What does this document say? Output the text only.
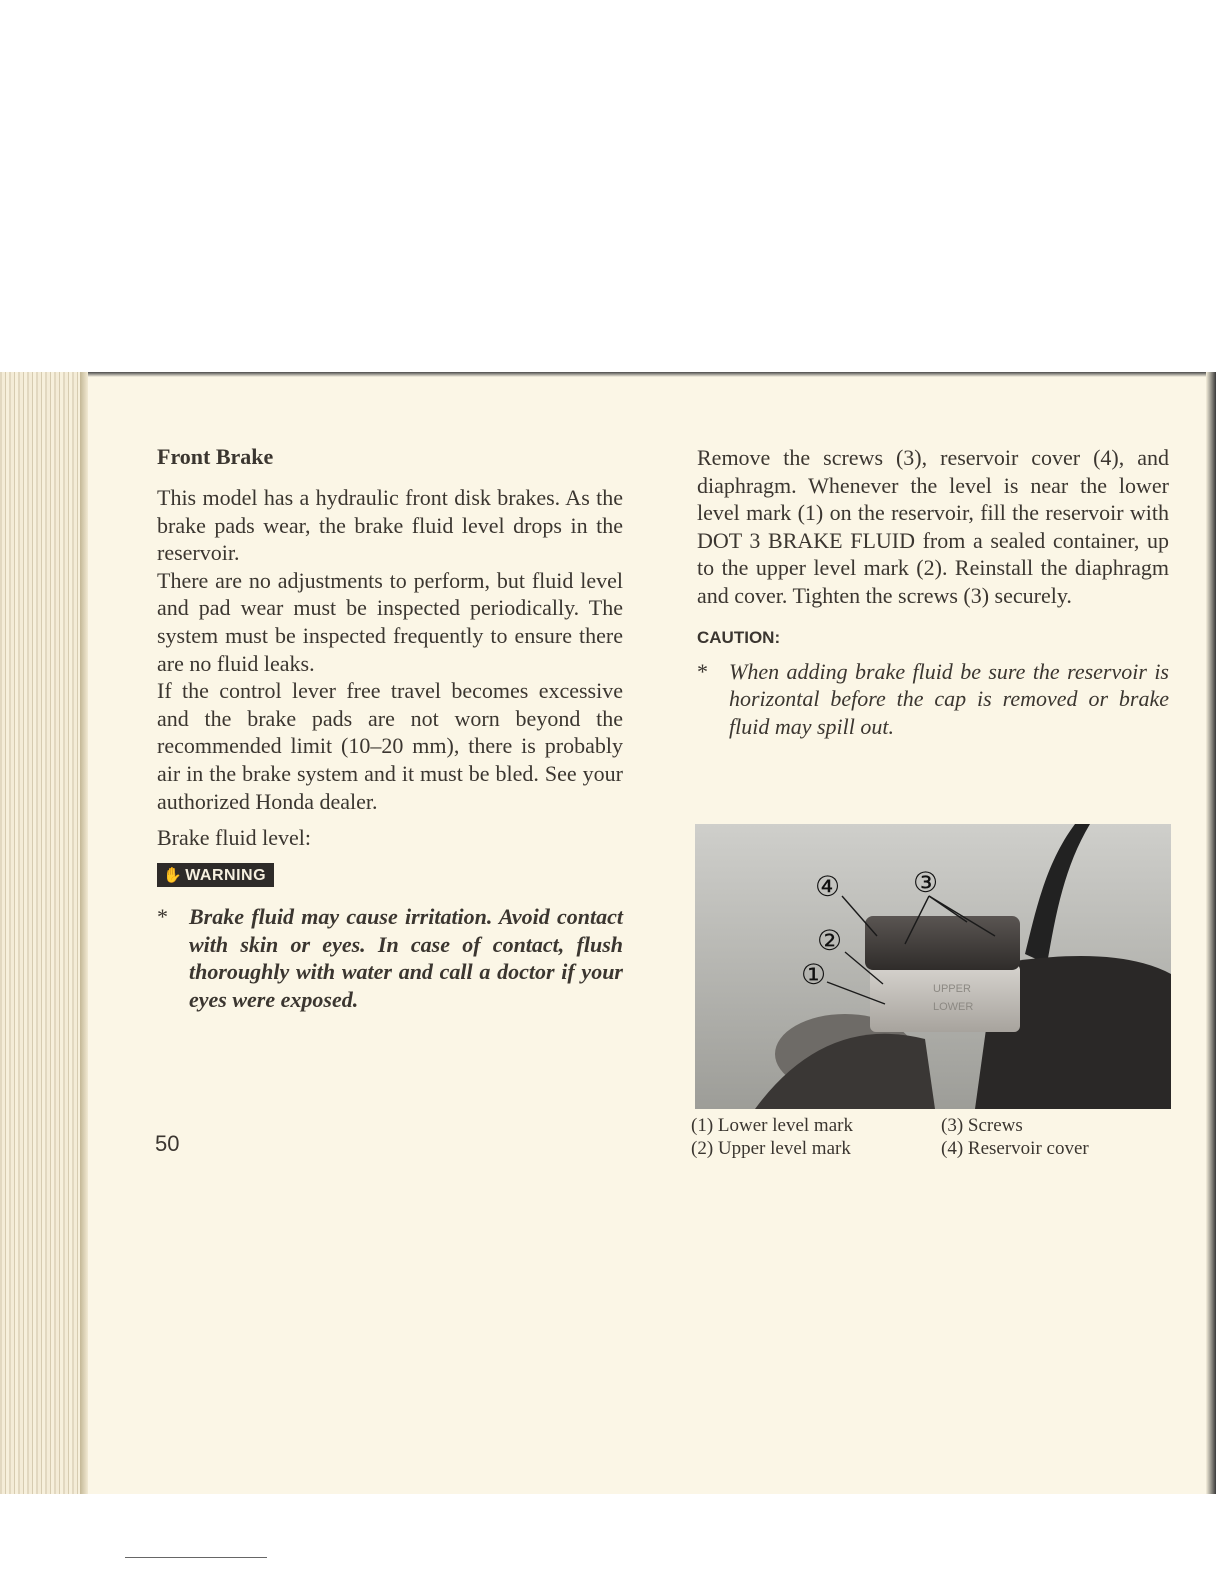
Front Brake

This model has a hydraulic front disk brakes. As the brake pads wear, the brake fluid level drops in the reservoir.

There are no adjustments to perform, but fluid level and pad wear must be inspected periodically. The system must be inspected frequently to ensure there are no fluid leaks.

If the control lever free travel becomes excessive and the brake pads are not worn beyond the recommended limit (10–20 mm), there is probably air in the brake system and it must be bled. See your authorized Honda dealer.

Brake fluid level:

✋ WARNING
* Brake fluid may cause irritation. Avoid contact with skin or eyes. In case of contact, flush thoroughly with water and call a doctor if your eyes were exposed.
50

Remove the screws (3), reservoir cover (4), and diaphragm. Whenever the level is near the lower level mark (1) on the reservoir, fill the reservoir with DOT 3 BRAKE FLUID from a sealed container, up to the upper level mark (2). Reinstall the diaphragm and cover. Tighten the screws (3) securely.

CAUTION:

* When adding brake fluid be sure the reservoir is horizontal before the cap is removed or brake fluid may spill out.
UPPER
LOWER
④	③
②
①
(1) Lower level mark	(3) Screws
(2) Upper level mark	(4) Reservoir cover
